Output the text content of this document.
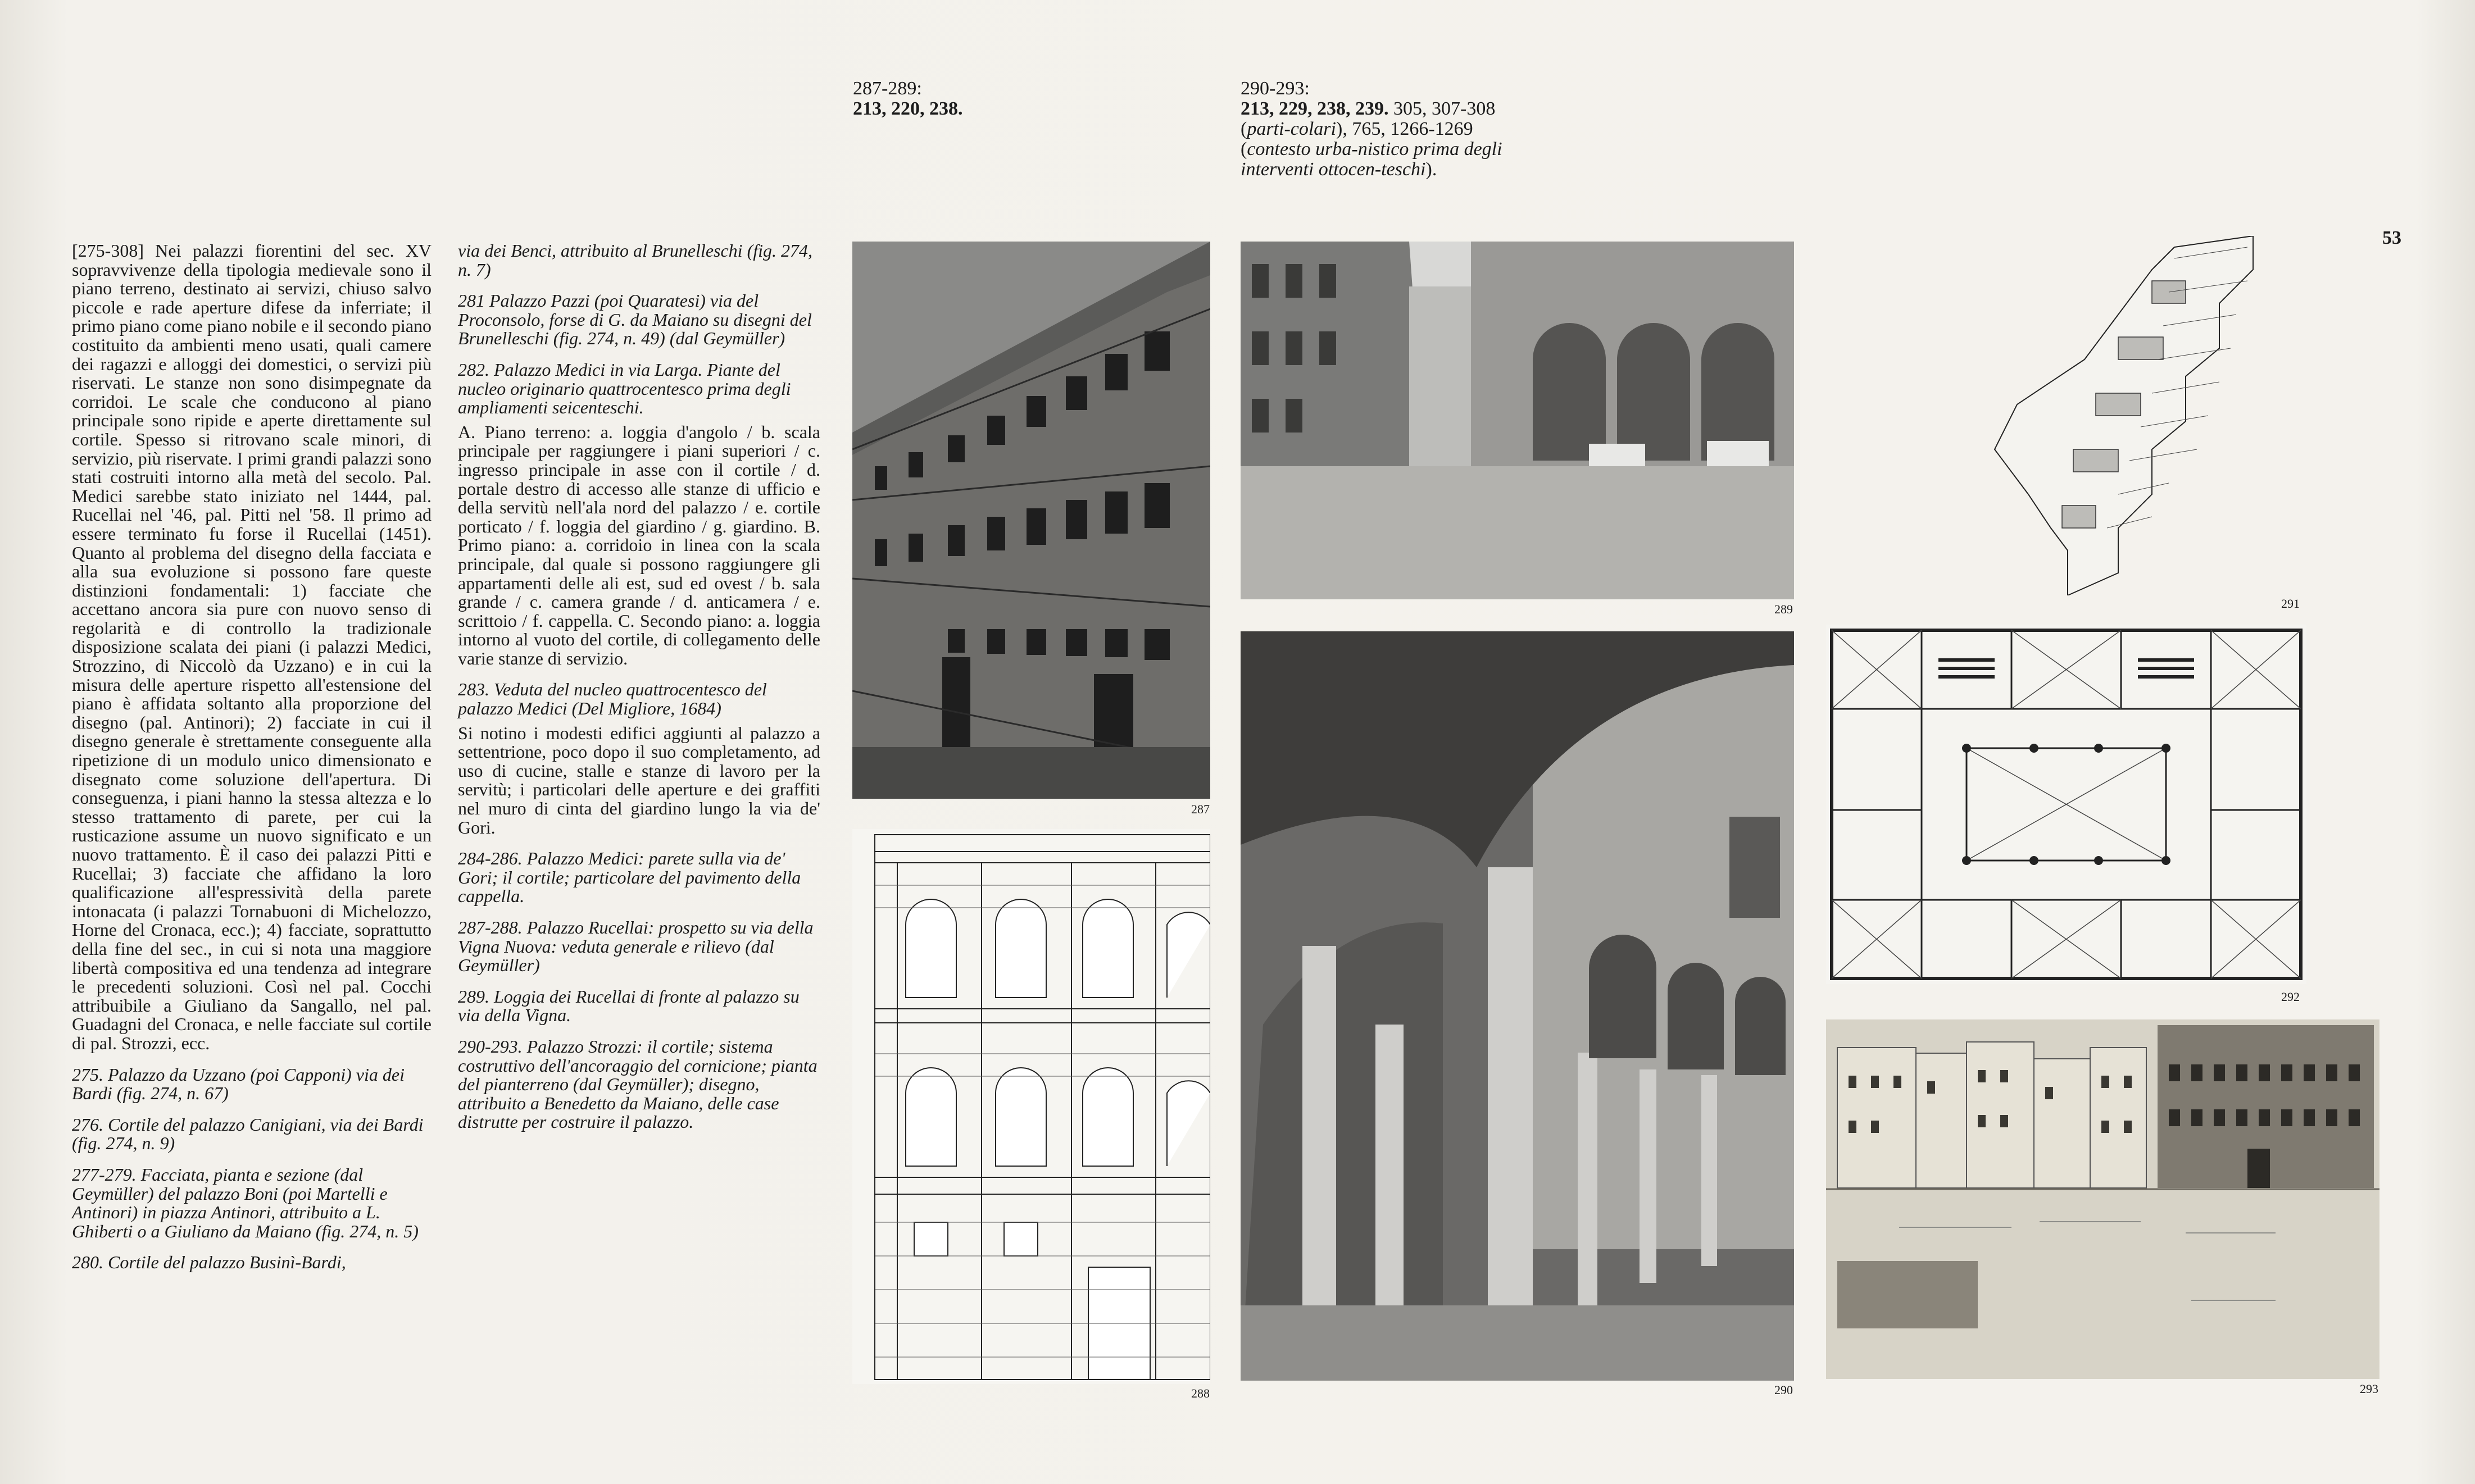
53
287-289:
213, 220, 238.
290-293:
213, 229, 238, 239. 305, 307-308 (parti-colari), 765, 1266-1269 (contesto urba-nistico prima degli interventi ottocen-teschi).

[275-308] Nei palazzi fiorentini del sec. XV sopravvivenze della tipologia medievale sono il piano terreno, destinato ai servizi, chiuso salvo piccole e rade aperture difese da inferriate; il primo piano come piano nobile e il secondo piano costituito da ambienti meno usati, quali camere dei ragazzi e alloggi dei domestici, o servizi più riservati. Le stanze non sono disimpegnate da corridoi. Le scale che conducono al piano principale sono ripide e aperte direttamente sul cortile. Spesso si ritrovano scale minori, di servizio, più riservate. I primi grandi palazzi sono stati costruiti intorno alla metà del secolo. Pal. Medici sarebbe stato iniziato nel 1444, pal. Rucellai nel '46, pal. Pitti nel '58. Il primo ad essere terminato fu forse il Rucellai (1451). Quanto al problema del disegno della facciata e alla sua evoluzione si possono fare queste distinzioni fondamentali: 1) facciate che accettano ancora sia pure con nuovo senso di regolarità e di controllo la tradizionale disposizione scalata dei piani (i palazzi Medici, Strozzino, di Niccolò da Uzzano) e in cui la misura delle aperture rispetto all'estensione del piano è affidata soltanto alla proporzione del disegno (pal. Antinori); 2) facciate in cui il disegno generale è strettamente conseguente alla ripetizione di un modulo unico dimensionato e disegnato come soluzione dell'apertura. Di conseguenza, i piani hanno la stessa altezza e lo stesso trattamento di parete, per cui la rusticazione assume un nuovo significato e un nuovo trattamento. È il caso dei palazzi Pitti e Rucellai; 3) facciate che affidano la loro qualificazione all'espressività della parete intonacata (i palazzi Tornabuoni di Michelozzo, Horne del Cronaca, ecc.); 4) facciate, soprattutto della fine del sec., in cui si nota una maggiore libertà compositiva ed una tendenza ad integrare le precedenti soluzioni. Così nel pal. Cocchi attribuibile a Giuliano da Sangallo, nel pal. Guadagni del Cronaca, e nelle facciate sul cortile di pal. Strozzi, ecc.

275. Palazzo da Uzzano (poi Capponi) via dei Bardi (fig. 274, n. 67)

276. Cortile del palazzo Canigiani, via dei Bardi (fig. 274, n. 9)

277-279. Facciata, pianta e sezione (dal Geymüller) del palazzo Boni (poi Martelli e Antinori) in piazza Antinori, attribuito a L. Ghiberti o a Giuliano da Maiano (fig. 274, n. 5)

280. Cortile del palazzo Businì-Bardi,

via dei Benci, attribuito al Brunelleschi (fig. 274, n. 7)

281 Palazzo Pazzi (poi Quaratesi) via del Proconsolo, forse di G. da Maiano su disegni del Brunelleschi (fig. 274, n. 49) (dal Geymüller)

282. Palazzo Medici in via Larga. Piante del nucleo originario quattrocentesco prima degli ampliamenti seicenteschi.

A. Piano terreno: a. loggia d'angolo / b. scala principale per raggiungere i piani superiori / c. ingresso principale in asse con il cortile / d. portale destro di accesso alle stanze di ufficio e della servitù nell'ala nord del palazzo / e. cortile porticato / f. loggia del giardino / g. giardino. B. Primo piano: a. corridoio in linea con la scala principale, dal quale si possono raggiungere gli appartamenti delle ali est, sud ed ovest / b. sala grande / c. camera grande / d. anticamera / e. scrittoio / f. cappella. C. Secondo piano: a. loggia intorno al vuoto del cortile, di collegamento delle varie stanze di servizio.

283. Veduta del nucleo quattrocentesco del palazzo Medici (Del Migliore, 1684)

Si notino i modesti edifici aggiunti al palazzo a settentrione, poco dopo il suo completamento, ad uso di cucine, stalle e stanze di lavoro per la servitù; i particolari delle aperture e dei graffiti nel muro di cinta del giardino lungo la via de' Gori.

284-286. Palazzo Medici: parete sulla via de' Gori; il cortile; particolare del pavimento della cappella.

287-288. Palazzo Rucellai: prospetto su via della Vigna Nuova: veduta generale e rilievo (dal Geymüller)

289. Loggia dei Rucellai di fronte al palazzo su via della Vigna.

290-293. Palazzo Strozzi: il cortile; sistema costruttivo dell'ancoraggio del cornicione; pianta del pianterreno (dal Geymüller); disegno, attribuito a Benedetto da Maiano, delle case distrutte per costruire il palazzo.

287
288
289
290
291
292
293
